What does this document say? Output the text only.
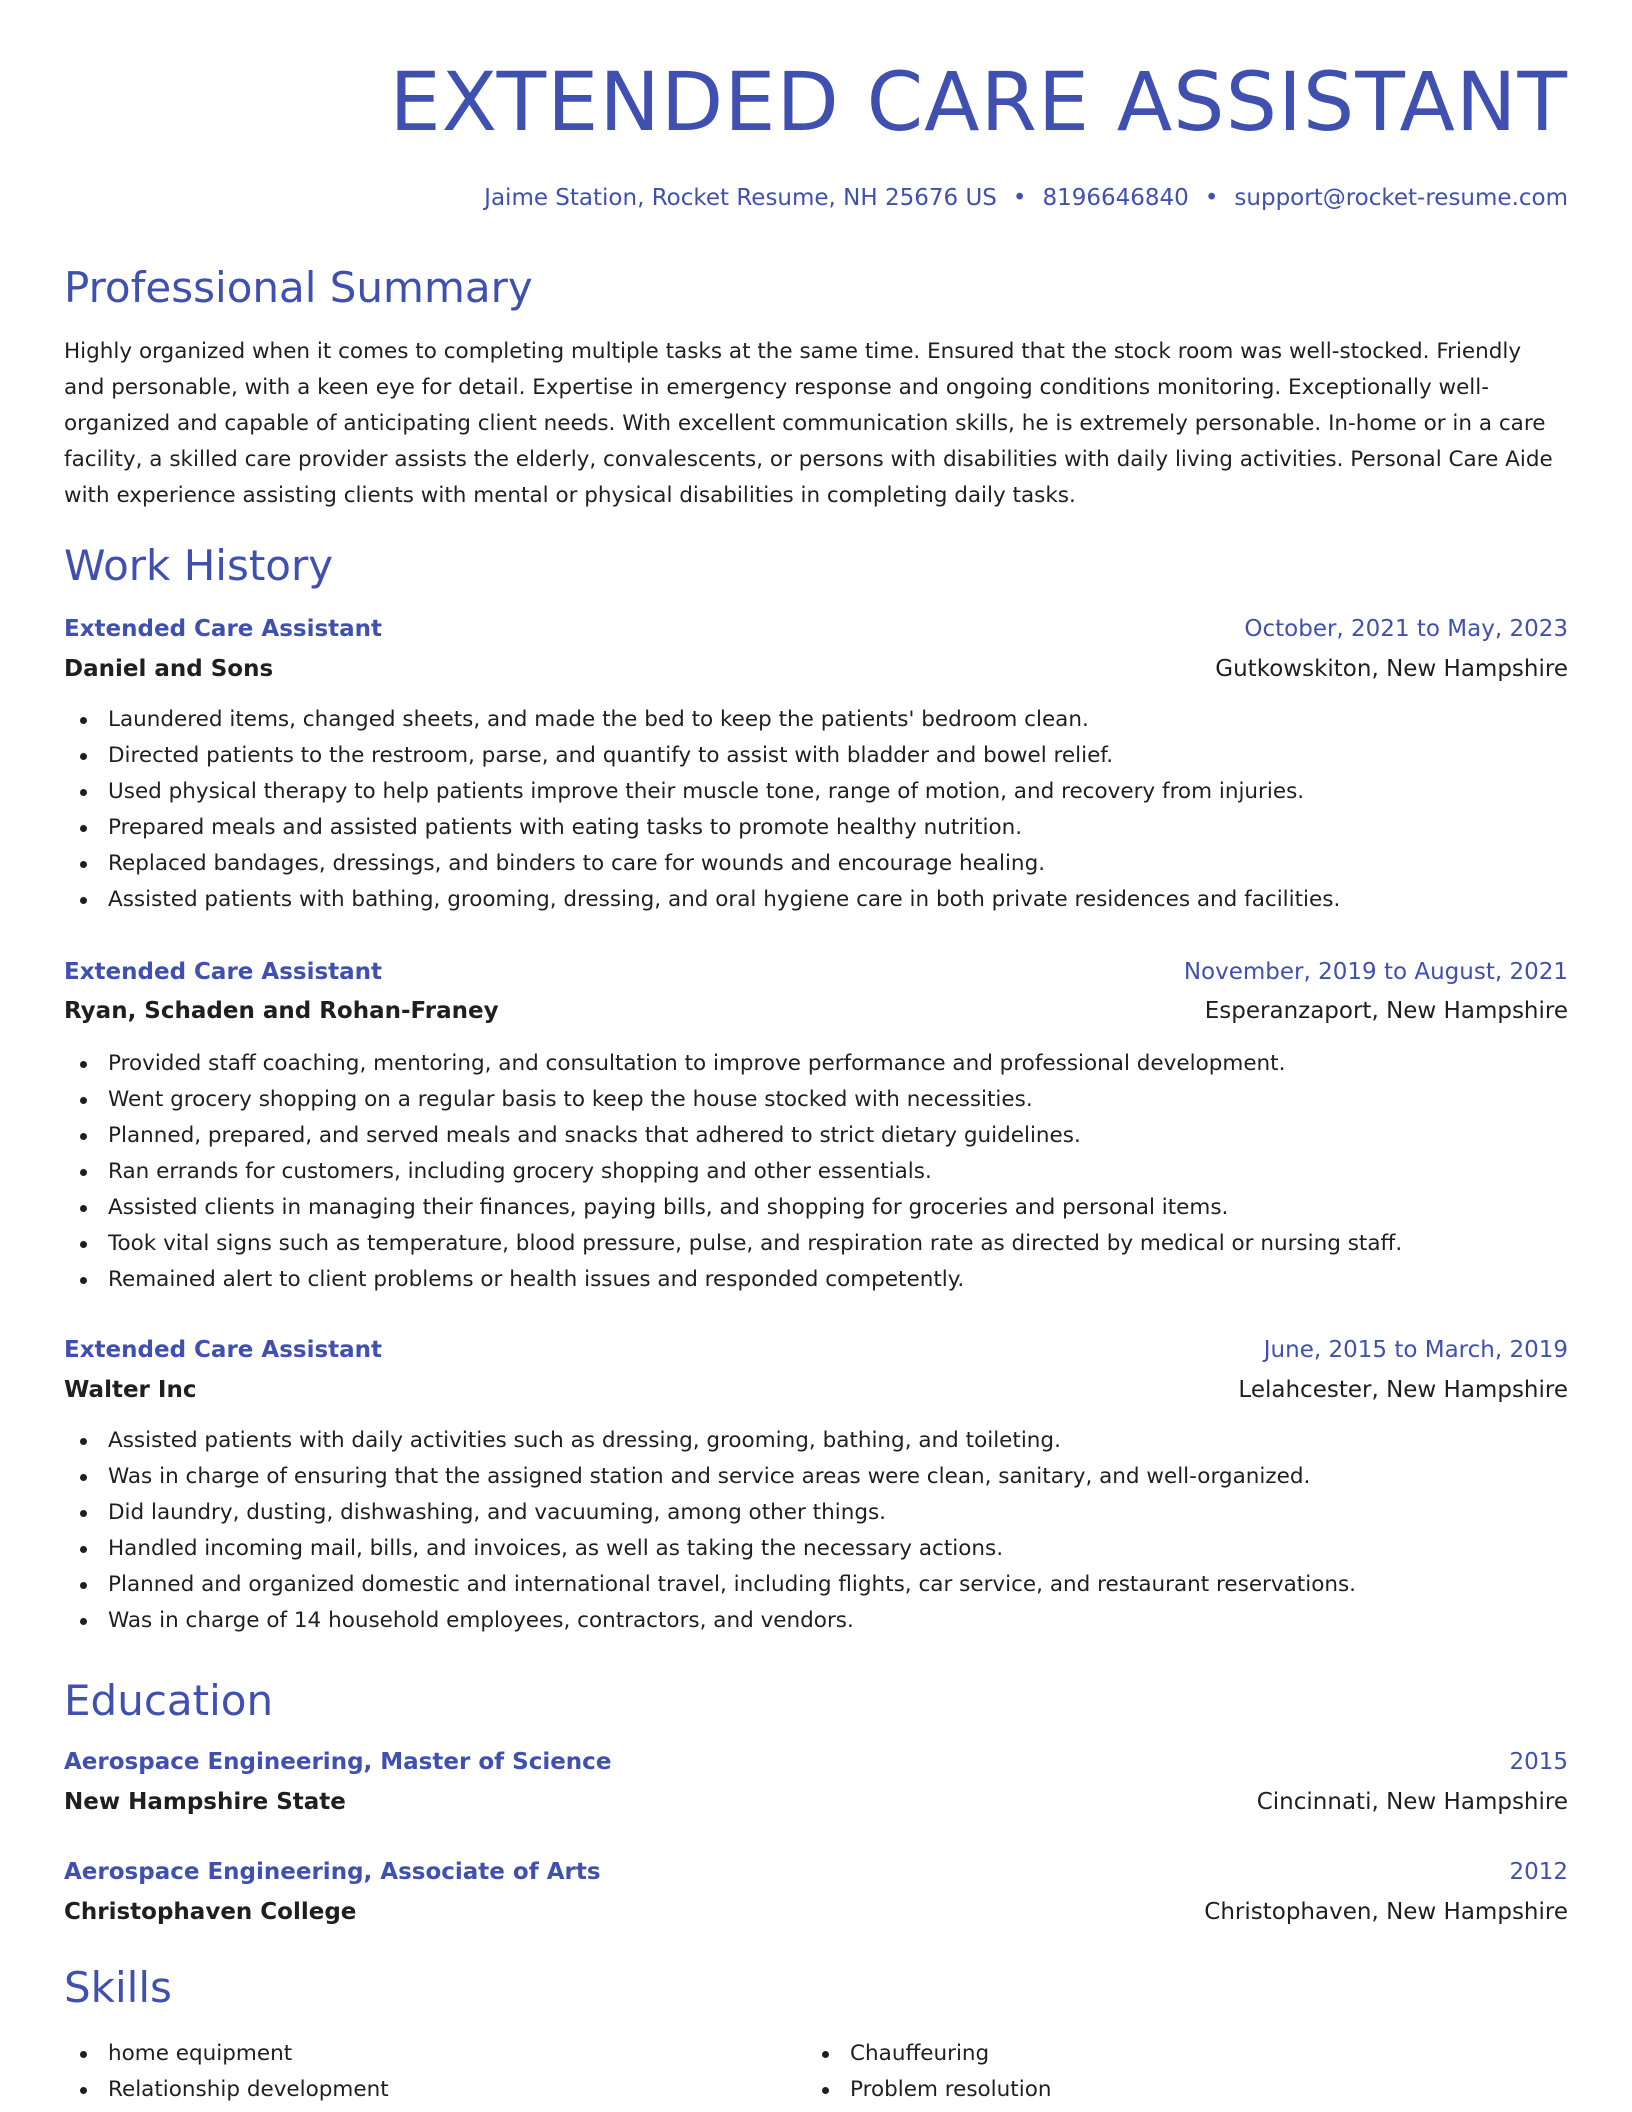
EXTENDED CARE ASSISTANT
Jaime Station, Rocket Resume, NH 25676 US • 8196646840 • support@rocket-resume.com
Professional Summary

Highly organized when it comes to completing multiple tasks at the same time. Ensured that the stock room was well-stocked. Friendly and personable, with a keen eye for detail. Expertise in emergency response and ongoing conditions monitoring. Exceptionally well-organized and capable of anticipating client needs. With excellent communication skills, he is extremely personable. In-home or in a care facility, a skilled care provider assists the elderly, convalescents, or persons with disabilities with daily living activities. Personal Care Aide with experience assisting clients with mental or physical disabilities in completing daily tasks.

Work History
Extended Care Assistant	October, 2021 to May, 2023
Daniel and Sons	Gutkowskiton, New Hampshire
Laundered items, changed sheets, and made the bed to keep the patients' bedroom clean.
Directed patients to the restroom, parse, and quantify to assist with bladder and bowel relief.
Used physical therapy to help patients improve their muscle tone, range of motion, and recovery from injuries.
Prepared meals and assisted patients with eating tasks to promote healthy nutrition.
Replaced bandages, dressings, and binders to care for wounds and encourage healing.
Assisted patients with bathing, grooming, dressing, and oral hygiene care in both private residences and facilities.
Extended Care Assistant	November, 2019 to August, 2021
Ryan, Schaden and Rohan-Franey	Esperanzaport, New Hampshire
Provided staff coaching, mentoring, and consultation to improve performance and professional development.
Went grocery shopping on a regular basis to keep the house stocked with necessities.
Planned, prepared, and served meals and snacks that adhered to strict dietary guidelines.
Ran errands for customers, including grocery shopping and other essentials.
Assisted clients in managing their finances, paying bills, and shopping for groceries and personal items.
Took vital signs such as temperature, blood pressure, pulse, and respiration rate as directed by medical or nursing staff.
Remained alert to client problems or health issues and responded competently.
Extended Care Assistant	June, 2015 to March, 2019
Walter Inc	Lelahcester, New Hampshire
Assisted patients with daily activities such as dressing, grooming, bathing, and toileting.
Was in charge of ensuring that the assigned station and service areas were clean, sanitary, and well-organized.
Did laundry, dusting, dishwashing, and vacuuming, among other things.
Handled incoming mail, bills, and invoices, as well as taking the necessary actions.
Planned and organized domestic and international travel, including flights, car service, and restaurant reservations.
Was in charge of 14 household employees, contractors, and vendors.
Education
Aerospace Engineering, Master of Science	2015
New Hampshire State	Cincinnati, New Hampshire
Aerospace Engineering, Associate of Arts	2012
Christophaven College	Christophaven, New Hampshire
Skills
home equipment
Relationship development
Chauffeuring
Problem resolution
